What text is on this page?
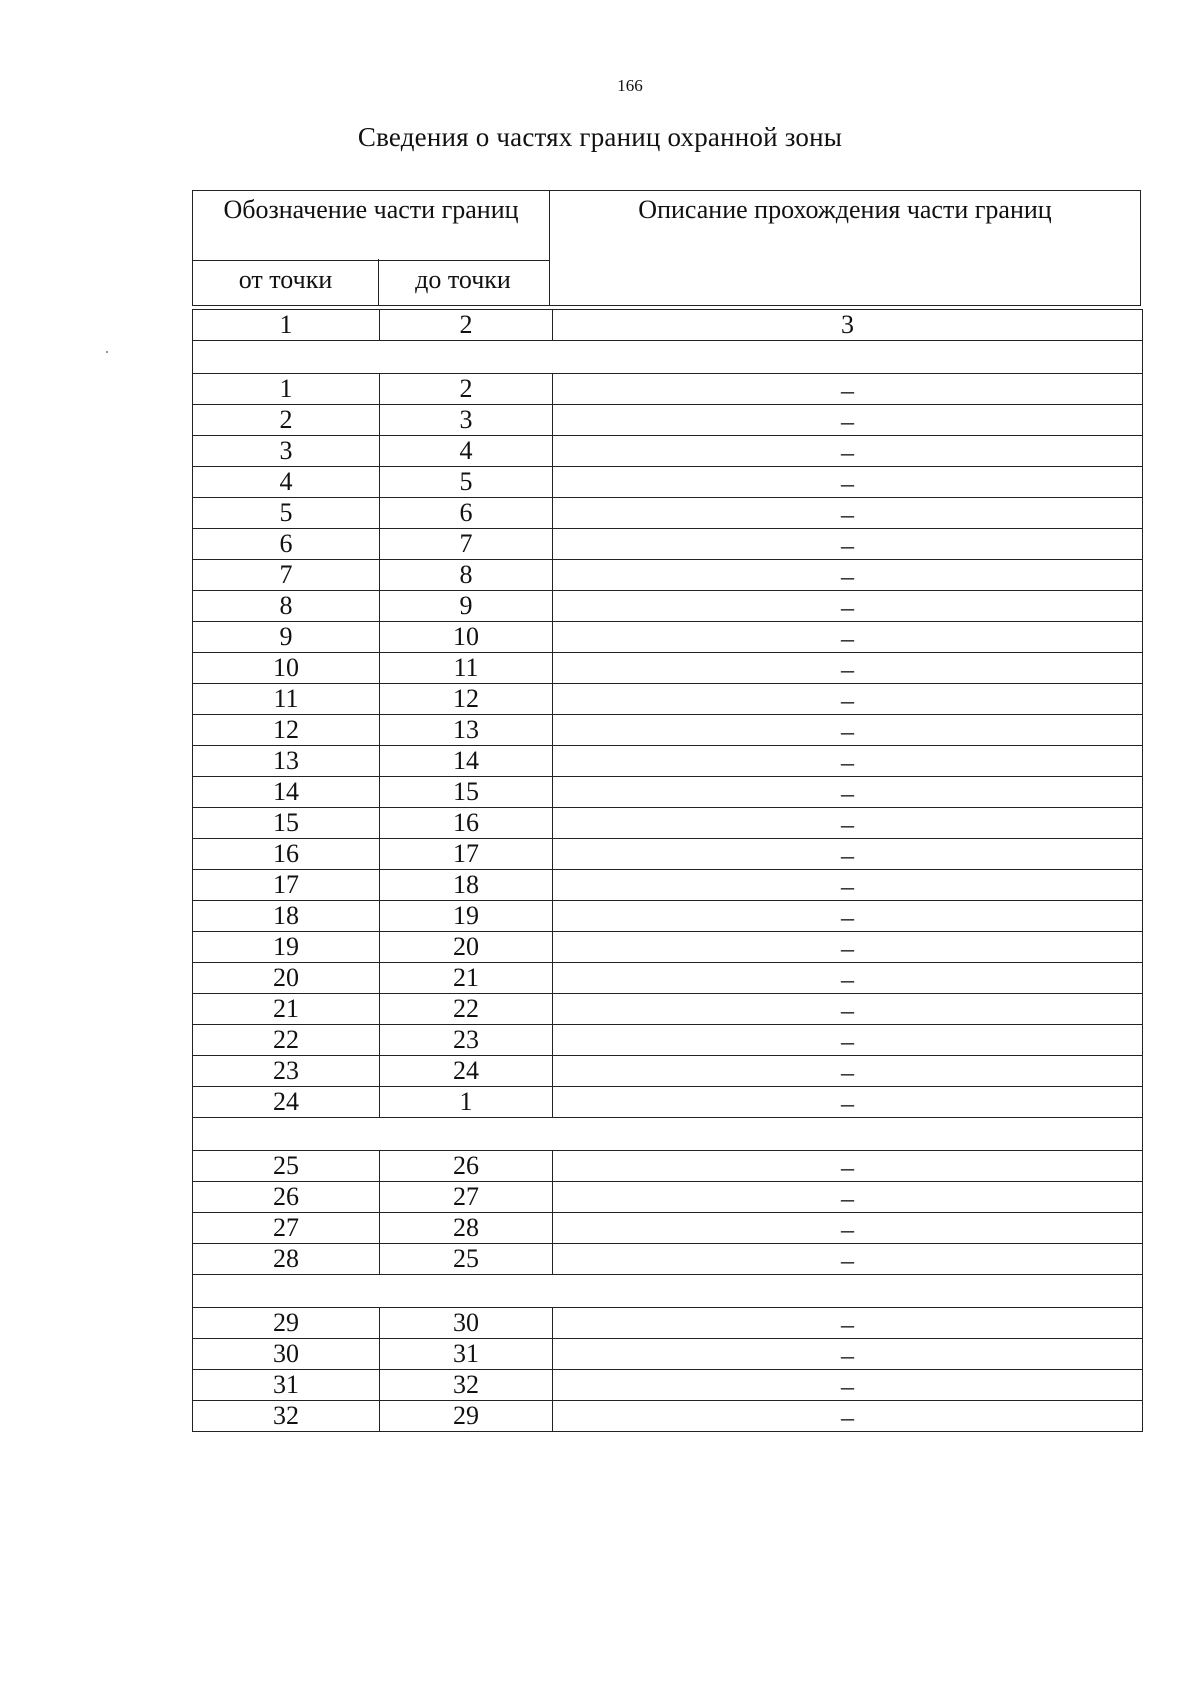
166
Сведения о частях границ охранной зоны
Обозначение части границ
от точки	до точки
Описание прохождения части границ
1	2	3

1	2	–
2	3	–
3	4	–
4	5	–
5	6	–
6	7	–
7	8	–
8	9	–
9	10	–
10	11	–
11	12	–
12	13	–
13	14	–
14	15	–
15	16	–
16	17	–
17	18	–
18	19	–
19	20	–
20	21	–
21	22	–
22	23	–
23	24	–
24	1	–

25	26	–
26	27	–
27	28	–
28	25	–

29	30	–
30	31	–
31	32	–
32	29	–
